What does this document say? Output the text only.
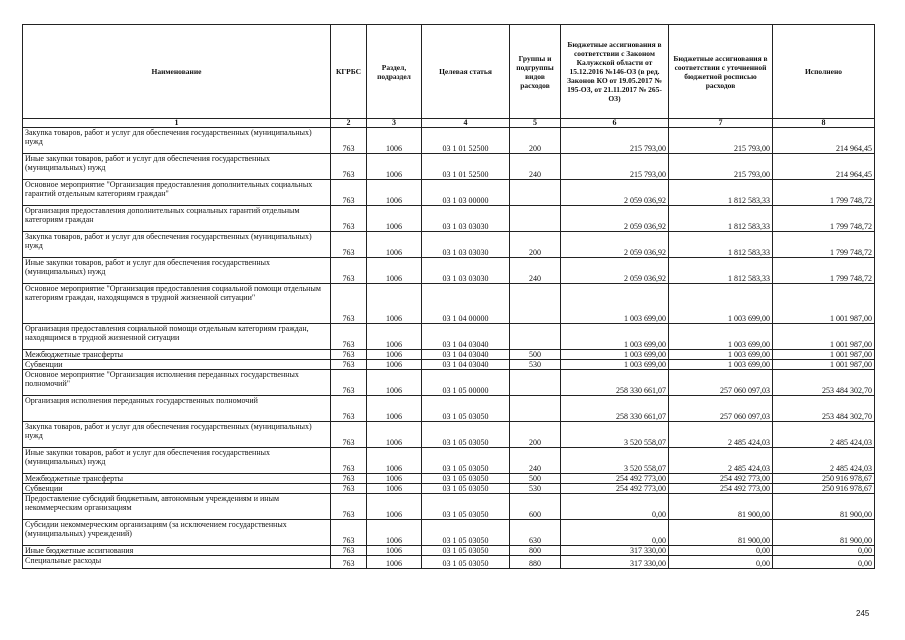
Наименование	КГРБС	Раздел, подраздел	Целевая статья	Группы и подгруппы видов расходов	Бюджетные ассигнования в соответствии с Законом Калужской области от 15.12.2016 №146-ОЗ (в ред. Законов КО от 19.05.2017 № 195-ОЗ, от 21.11.2017 № 265-ОЗ)	Бюджетные ассигнования в соответствии с уточненной бюджетной росписью расходов	Исполнено
1	2	3	4	5	6	7	8
Закупка товаров, работ и услуг для обеспечения государственных (муниципальных) нужд	763	1006	03 1 01 52500	200	215 793,00	215 793,00	214 964,45
Иные закупки товаров, работ и услуг для обеспечения государственных (муниципальных) нужд	763	1006	03 1 01 52500	240	215 793,00	215 793,00	214 964,45
Основное мероприятие "Организация предоставления дополнительных социальных гарантий отдельным категориям граждан"	763	1006	03 1 03 00000		2 059 036,92	1 812 583,33	1 799 748,72
Организация предоставления дополнительных социальных гарантий отдельным категориям граждан	763	1006	03 1 03 03030		2 059 036,92	1 812 583,33	1 799 748,72
Закупка товаров, работ и услуг для обеспечения государственных (муниципальных) нужд	763	1006	03 1 03 03030	200	2 059 036,92	1 812 583,33	1 799 748,72
Иные закупки товаров, работ и услуг для обеспечения государственных (муниципальных) нужд	763	1006	03 1 03 03030	240	2 059 036,92	1 812 583,33	1 799 748,72
Основное мероприятие "Организация предоставления социальной помощи отдельным категориям граждан, находящимся в трудной жизненной ситуации"	763	1006	03 1 04 00000		1 003 699,00	1 003 699,00	1 001 987,00
Организация предоставления социальной помощи отдельным категориям граждан, находящимся в трудной жизненной ситуации	763	1006	03 1 04 03040		1 003 699,00	1 003 699,00	1 001 987,00
Межбюджетные трансферты	763	1006	03 1 04 03040	500	1 003 699,00	1 003 699,00	1 001 987,00
Субвенции	763	1006	03 1 04 03040	530	1 003 699,00	1 003 699,00	1 001 987,00
Основное мероприятие "Организация исполнения переданных государственных полномочий"	763	1006	03 1 05 00000		258 330 661,07	257 060 097,03	253 484 302,70
Организация исполнения переданных государственных полномочий	763	1006	03 1 05 03050		258 330 661,07	257 060 097,03	253 484 302,70
Закупка товаров, работ и услуг для обеспечения государственных (муниципальных) нужд	763	1006	03 1 05 03050	200	3 520 558,07	2 485 424,03	2 485 424,03
Иные закупки товаров, работ и услуг для обеспечения государственных (муниципальных) нужд	763	1006	03 1 05 03050	240	3 520 558,07	2 485 424,03	2 485 424,03
Межбюджетные трансферты	763	1006	03 1 05 03050	500	254 492 773,00	254 492 773,00	250 916 978,67
Субвенции	763	1006	03 1 05 03050	530	254 492 773,00	254 492 773,00	250 916 978,67
Предоставление субсидий бюджетным, автономным учреждениям и иным некоммерческим организациям	763	1006	03 1 05 03050	600	0,00	81 900,00	81 900,00
Субсидии некоммерческим организациям (за исключением государственных (муниципальных) учреждений)	763	1006	03 1 05 03050	630	0,00	81 900,00	81 900,00
Иные бюджетные ассигнования	763	1006	03 1 05 03050	800	317 330,00	0,00	0,00
Специальные расходы	763	1006	03 1 05 03050	880	317 330,00	0,00	0,00
245
